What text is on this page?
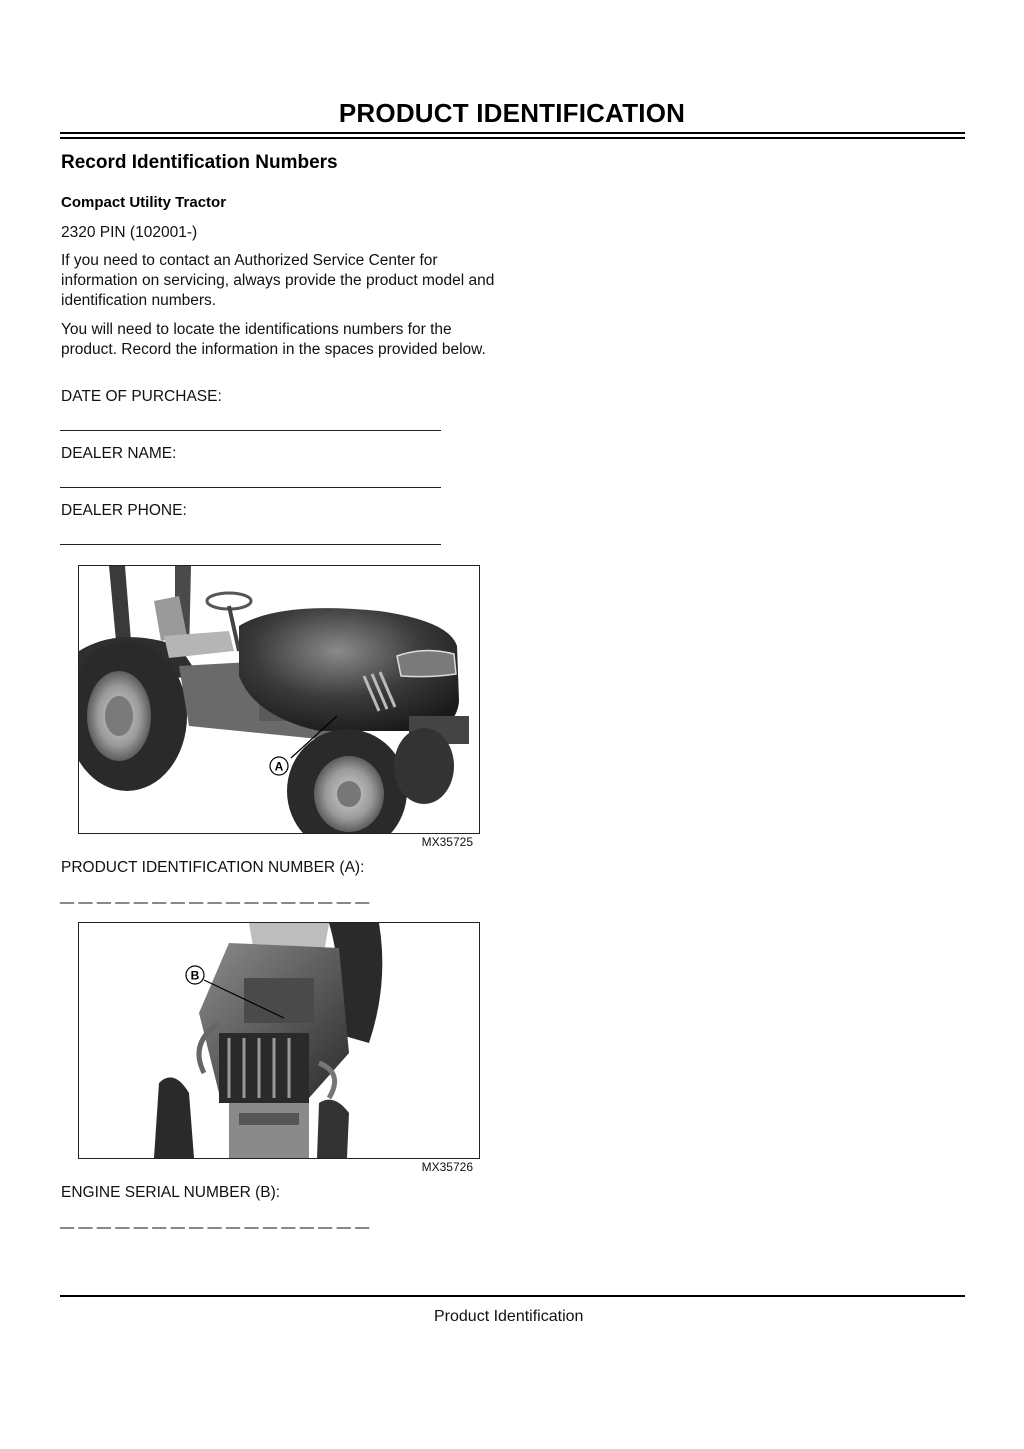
PRODUCT IDENTIFICATION
Record Identification Numbers
Compact Utility Tractor
2320 PIN (102001-)
If you need to contact an Authorized Service Center for information on servicing, always provide the product model and identification numbers.
You will need to locate the identifications numbers for the product. Record the information in the spaces provided below.
DATE OF PURCHASE:
DEALER NAME:
DEALER PHONE:
A
MX35725
PRODUCT IDENTIFICATION NUMBER (A):
__ __ __ __ __ __ __ __ __ __ __ __ __ __ __ __ __
B
MX35726
ENGINE SERIAL NUMBER (B):
__ __ __ __ __ __ __ __ __ __ __ __ __ __ __ __ __
Product Identification
